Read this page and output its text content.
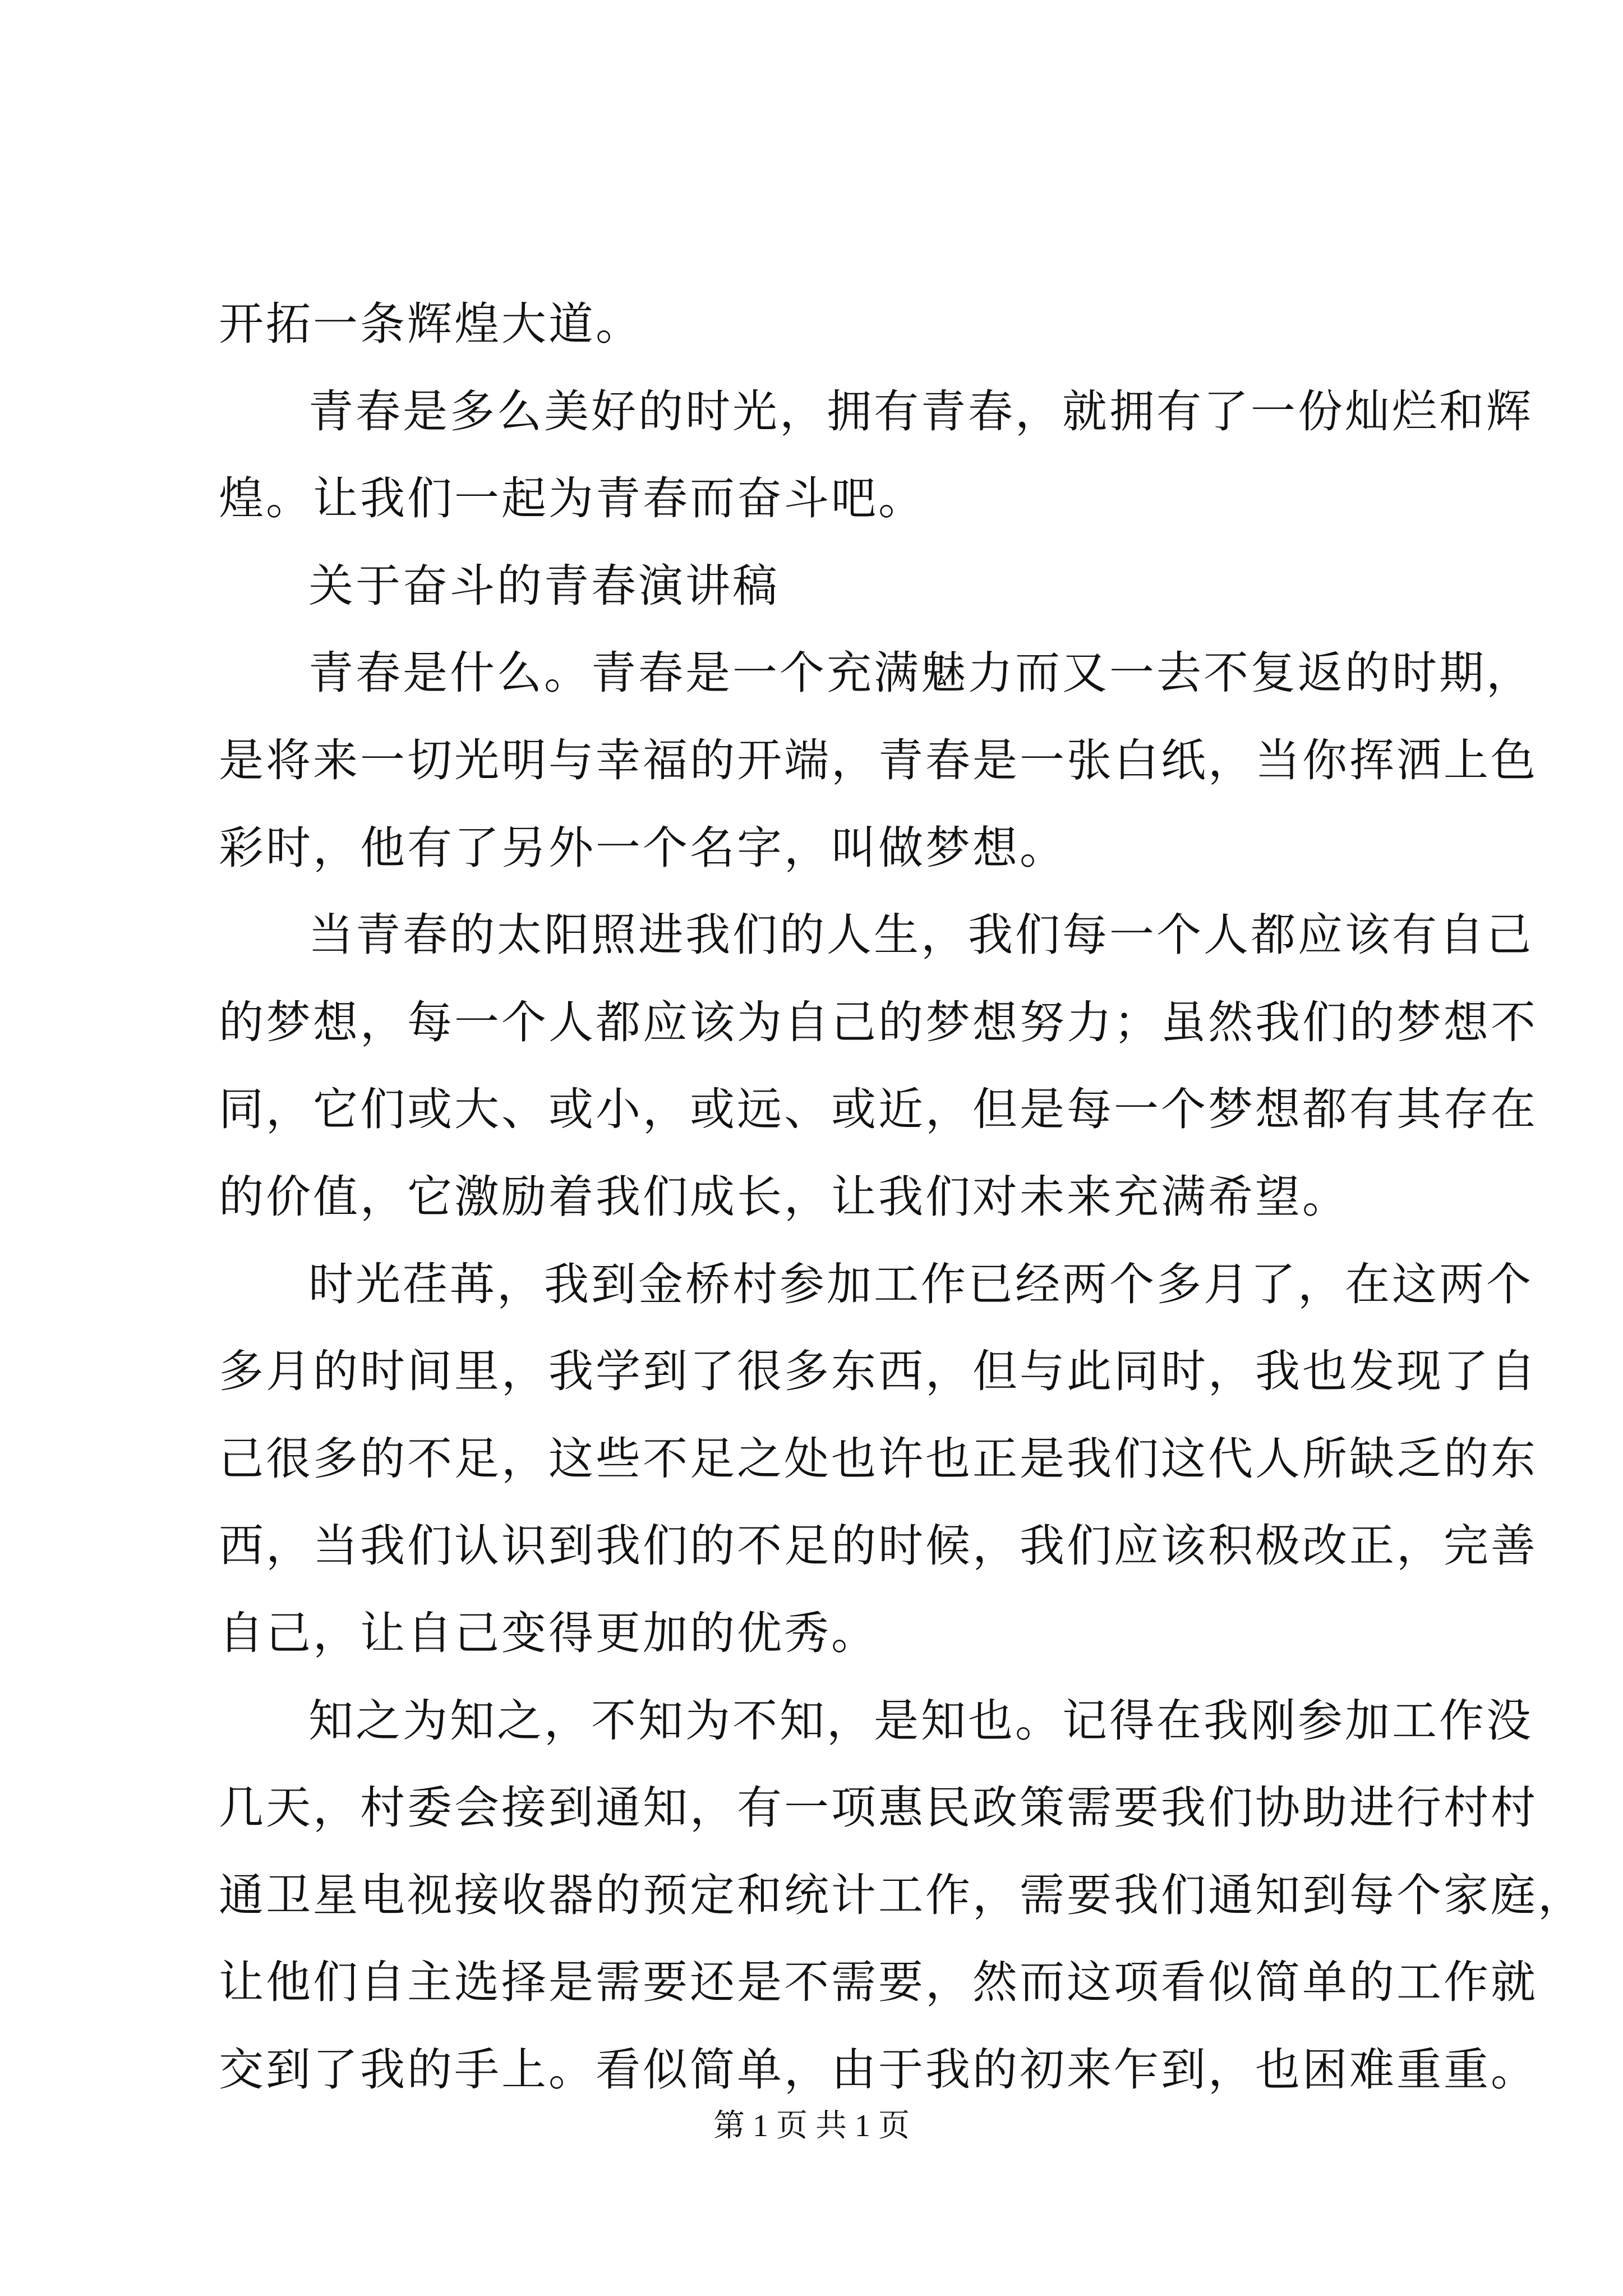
开拓一条辉煌大道。
青春是多么美好的时光，拥有青春，就拥有了一份灿烂和辉
煌。让我们一起为青春而奋斗吧。
关于奋斗的青春演讲稿
青春是什么。青春是一个充满魅力而又一去不复返的时期，
是将来一切光明与幸福的开端，青春是一张白纸，当你挥洒上色
彩时，他有了另外一个名字，叫做梦想。
当青春的太阳照进我们的人生，我们每一个人都应该有自己
的梦想，每一个人都应该为自己的梦想努力；虽然我们的梦想不
同，它们或大、或小，或远、或近，但是每一个梦想都有其存在
的价值，它激励着我们成长，让我们对未来充满希望。
时光荏苒，我到金桥村参加工作已经两个多月了，在这两个
多月的时间里，我学到了很多东西，但与此同时，我也发现了自
己很多的不足，这些不足之处也许也正是我们这代人所缺乏的东
西，当我们认识到我们的不足的时候，我们应该积极改正，完善
自己，让自己变得更加的优秀。
知之为知之，不知为不知，是知也。记得在我刚参加工作没
几天，村委会接到通知，有一项惠民政策需要我们协助进行村村
通卫星电视接收器的预定和统计工作，需要我们通知到每个家庭，
让他们自主选择是需要还是不需要，然而这项看似简单的工作就
交到了我的手上。看似简单，由于我的初来乍到，也困难重重。
第 1 页 共 1 页
